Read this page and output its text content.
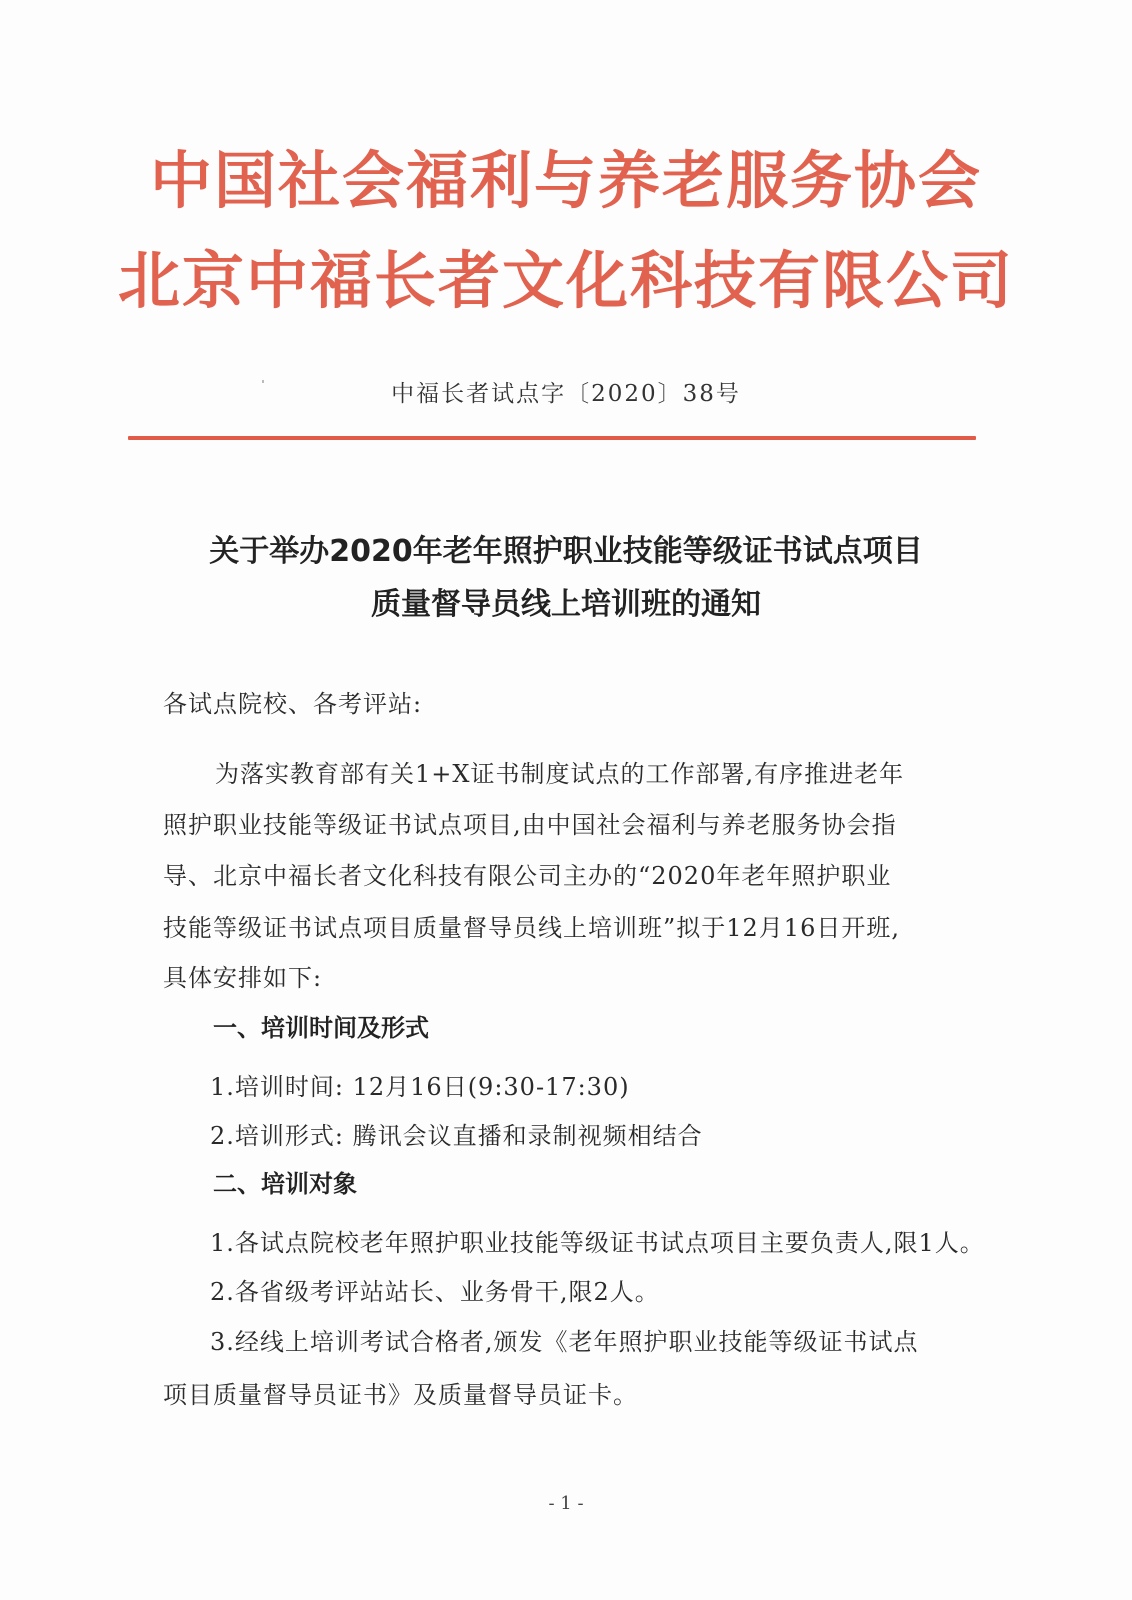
中国社会福利与养老服务协会
北京中福长者文化科技有限公司
中福长者试点字〔2020〕38号
关于举办2020年老年照护职业技能等级证书试点项目
质量督导员线上培训班的通知
各试点院校、各考评站:
为落实教育部有关1+X证书制度试点的工作部署,有序推进老年
照护职业技能等级证书试点项目,由中国社会福利与养老服务协会指
导、北京中福长者文化科技有限公司主办的“2020年老年照护职业
技能等级证书试点项目质量督导员线上培训班”拟于12月16日开班,
具体安排如下:
一、培训时间及形式
1.培训时间: 12月16日(9:30-17:30)
2.培训形式: 腾讯会议直播和录制视频相结合
二、培训对象
1.各试点院校老年照护职业技能等级证书试点项目主要负责人,限1人。
2.各省级考评站站长、业务骨干,限2人。
3.经线上培训考试合格者,颁发《老年照护职业技能等级证书试点
项目质量督导员证书》及质量督导员证卡。
- 1 -
